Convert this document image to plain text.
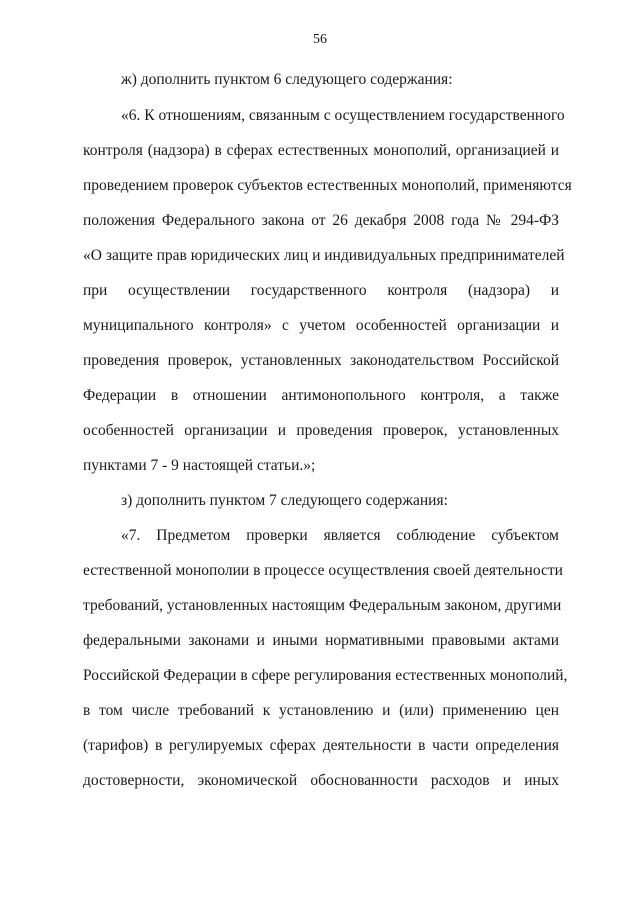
56
ж) дополнить пунктом 6 следующего содержания:
«6. К отношениям, связанным с осуществлением государственного
контроля (надзора) в сферах естественных монополий, организацией и
проведением проверок субъектов естественных монополий, применяются
положения Федерального закона от 26 декабря 2008 года № 294-ФЗ
«О защите прав юридических лиц и индивидуальных предпринимателей
при осуществлении государственного контроля (надзора) и
муниципального контроля» с учетом особенностей организации и
проведения проверок, установленных законодательством Российской
Федерации в отношении антимонопольного контроля, а также
особенностей организации и проведения проверок, установленных
пунктами 7 - 9 настоящей статьи.»;
з) дополнить пунктом 7 следующего содержания:
«7. Предметом проверки является соблюдение субъектом
естественной монополии в процессе осуществления своей деятельности
требований, установленных настоящим Федеральным законом, другими
федеральными законами и иными нормативными правовыми актами
Российской Федерации в сфере регулирования естественных монополий,
в том числе требований к установлению и (или) применению цен
(тарифов) в регулируемых сферах деятельности в части определения
достоверности, экономической обоснованности расходов и иных
